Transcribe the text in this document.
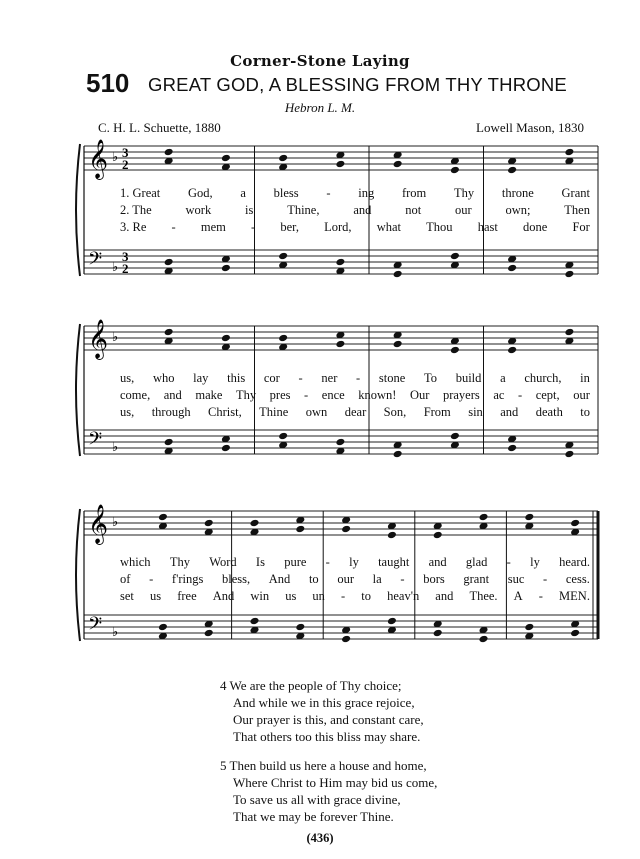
Corner-Stone Laying
510 GREAT GOD, A BLESSING FROM THY THRONE
Hebron L. M.
C. H. L. Schuette, 1880	Lowell Mason, 1830
𝄞
𝄢
♭
♭
3
3
2
2
𝄞
𝄢
♭
♭
𝄞
𝄢
♭
♭
1. Great God, a bless - ing from Thy throne Grant
2. The	work	is	Thine,	and	not	our	own;	Then
3. Re - mem - ber, Lord, what Thou hast done For
us, who lay this cor - ner - stone To build a church, in
come, and make Thy pres - ence known! Our prayers ac - cept, our
us, through Christ, Thine own dear Son, From sin and death to
which Thy Word Is pure - ly taught and glad - ly heard.
of - f'rings bless, And to our la - bors grant suc - cess.
set us free And win us un - to heav'n and Thee. A - MEN.
4 We are the people of Thy choice;
And while we in this grace rejoice,
Our prayer is this, and constant care,
That others too this bliss may share.
5 Then build us here a house and home,
Where Christ to Him may bid us come,
To save us all with grace divine,
That we may be forever Thine.
(436)
